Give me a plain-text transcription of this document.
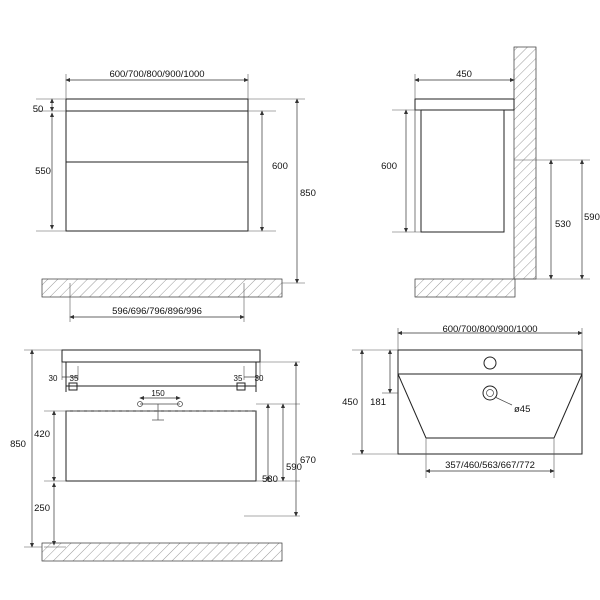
600/700/800/900/1000
50
550	600
850
596/696/796/896/996
450
600
530
590
30 35	35 30
150
850
420
250
530
590
670
600/700/800/900/1000
450 181
ø45
357/460/563/667/772
